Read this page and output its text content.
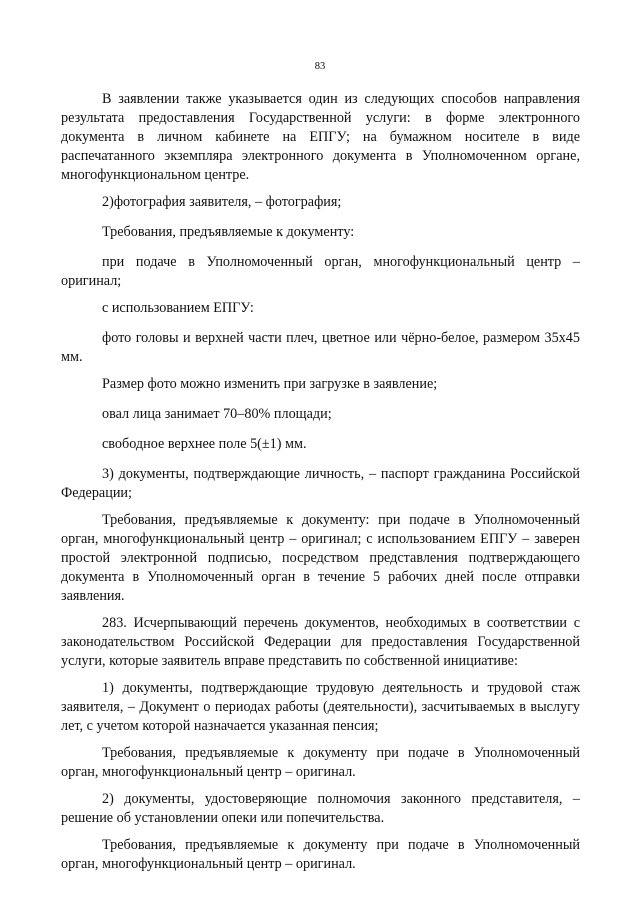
83

В заявлении также указывается один из следующих способов направления результата предоставления Государственной услуги: в форме электронного документа в личном кабинете на ЕПГУ; на бумажном носителе в виде распечатанного экземпляра электронного документа в Уполномоченном органе, многофункциональном центре.

2)фотография заявителя, – фотография;

Требования, предъявляемые к документу:

при подаче в Уполномоченный орган, многофункциональный центр – оригинал;

с использованием ЕПГУ:

фото головы и верхней части плеч, цветное или чёрно-белое, размером 35x45 мм.

Размер фото можно изменить при загрузке в заявление;

овал лица занимает 70–80% площади;

свободное верхнее поле 5(±1) мм.

3) документы, подтверждающие личность, – паспорт гражданина Российской Федерации;

Требования, предъявляемые к документу: при подаче в Уполномоченный орган, многофункциональный центр – оригинал; с использованием ЕПГУ – заверен простой электронной подписью, посредством представления подтверждающего документа в Уполномоченный орган в течение 5 рабочих дней после отправки заявления.

283. Исчерпывающий перечень документов, необходимых в соответствии с законодательством Российской Федерации для предоставления Государственной услуги, которые заявитель вправе представить по собственной инициативе:

1) документы, подтверждающие трудовую деятельность и трудовой стаж заявителя, – Документ о периодах работы (деятельности), засчитываемых в выслугу лет, с учетом которой назначается указанная пенсия;

Требования, предъявляемые к документу при подаче в Уполномоченный орган, многофункциональный центр – оригинал.

2) документы, удостоверяющие полномочия законного представителя, – решение об установлении опеки или попечительства.

Требования, предъявляемые к документу при подаче в Уполномоченный орган, многофункциональный центр – оригинал.
